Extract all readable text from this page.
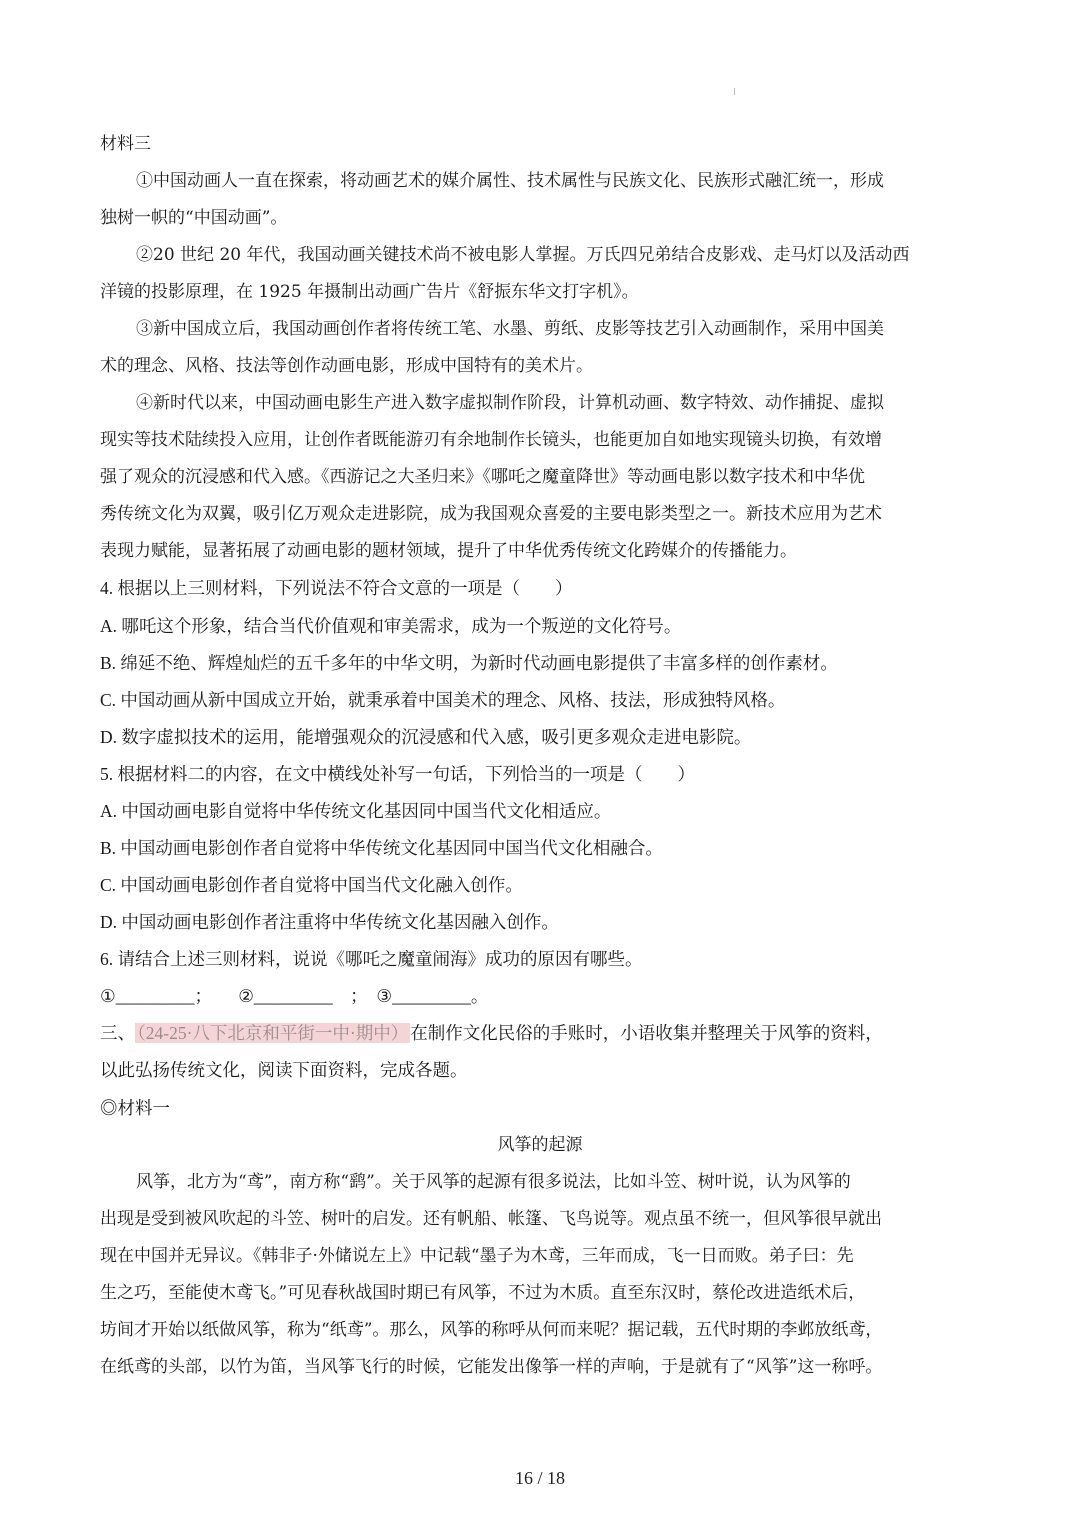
材料三
①中国动画人一直在探索，将动画艺术的媒介属性、技术属性与民族文化、民族形式融汇统一，形成
独树一帜的“中国动画”。
②20 世纪 20 年代，我国动画关键技术尚不被电影人掌握。万氏四兄弟结合皮影戏、走马灯以及活动西
洋镜的投影原理，在 1925 年摄制出动画广告片《舒振东华文打字机》。
③新中国成立后，我国动画创作者将传统工笔、水墨、剪纸、皮影等技艺引入动画制作，采用中国美
术的理念、风格、技法等创作动画电影，形成中国特有的美术片。
④新时代以来，中国动画电影生产进入数字虚拟制作阶段，计算机动画、数字特效、动作捕捉、虚拟
现实等技术陆续投入应用，让创作者既能游刃有余地制作长镜头，也能更加自如地实现镜头切换，有效增
强了观众的沉浸感和代入感。《西游记之大圣归来》《哪吒之魔童降世》等动画电影以数字技术和中华优
秀传统文化为双翼，吸引亿万观众走进影院，成为我国观众喜爱的主要电影类型之一。新技术应用为艺术
表现力赋能，显著拓展了动画电影的题材领域，提升了中华优秀传统文化跨媒介的传播能力。
4. 根据以上三则材料，下列说法不符合文意的一项是（　　）
A. 哪吒这个形象，结合当代价值观和审美需求，成为一个叛逆的文化符号。
B. 绵延不绝、辉煌灿烂的五千多年的中华文明，为新时代动画电影提供了丰富多样的创作素材。
C. 中国动画从新中国成立开始，就秉承着中国美术的理念、风格、技法，形成独特风格。
D. 数字虚拟技术的运用，能增强观众的沉浸感和代入感，吸引更多观众走进电影院。
5. 根据材料二的内容，在文中横线处补写一句话，下列恰当的一项是（　　）
A. 中国动画电影自觉将中华传统文化基因同中国当代文化相适应。
B. 中国动画电影创作者自觉将中华传统文化基因同中国当代文化相融合。
C. 中国动画电影创作者自觉将中国当代文化融入创作。
D. 中国动画电影创作者注重将中华传统文化基因融入创作。
6. 请结合上述三则材料，说说《哪吒之魔童闹海》成功的原因有哪些。
①_________；　　②_________　；　③_________。
三、 （24-25·八下北京和平街一中·期中） 在制作文化民俗的手账时，小语收集并整理关于风筝的资料，
以此弘扬传统文化，阅读下面资料，完成各题。
◎材料一
风筝的起源
风筝，北方为“鸢”，南方称“鹞”。关于风筝的起源有很多说法，比如斗笠、树叶说，认为风筝的
出现是受到被风吹起的斗笠、树叶的启发。还有帆船、帐篷、飞鸟说等。观点虽不统一，但风筝很早就出
现在中国并无异议。《韩非子·外储说左上》中记载“墨子为木鸢，三年而成，飞一日而败。弟子曰：先
生之巧，至能使木鸢飞。”可见春秋战国时期已有风筝，不过为木质。直至东汉时，蔡伦改进造纸术后，
坊间才开始以纸做风筝，称为“纸鸢”。那么，风筝的称呼从何而来呢？据记载，五代时期的李邺放纸鸢，
在纸鸢的头部，以竹为笛，当风筝飞行的时候，它能发出像筝一样的声响，于是就有了“风筝”这一称呼。
16 / 18
